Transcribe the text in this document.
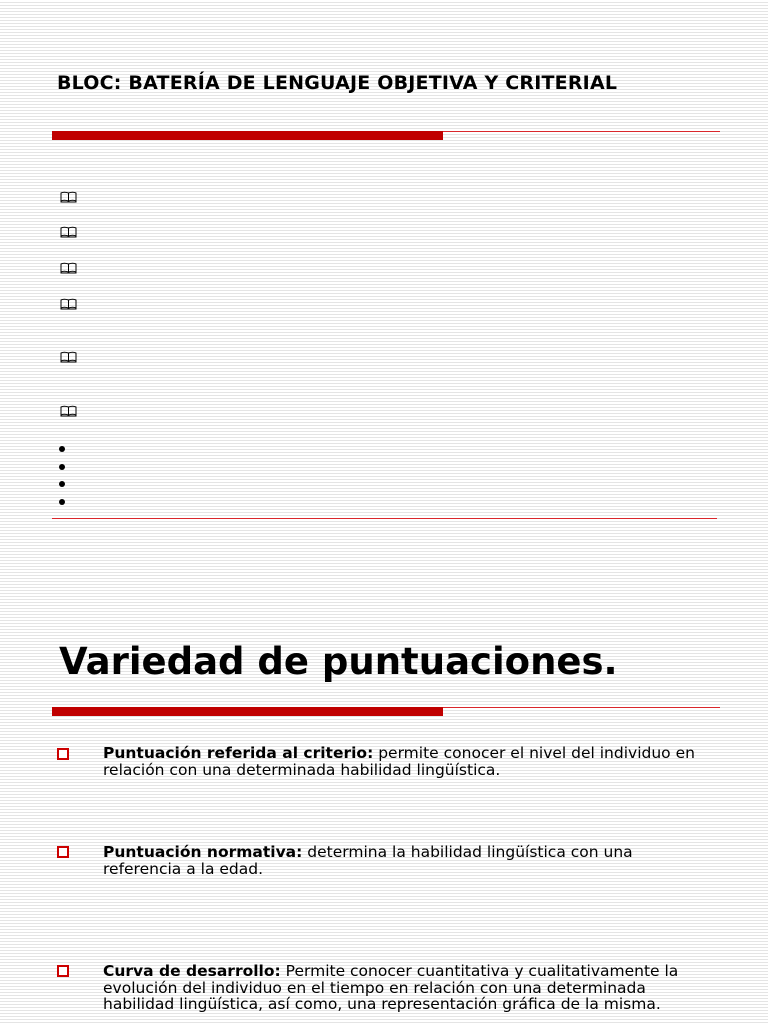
BLOC: BATERÍA DE LENGUAJE OBJETIVA Y CRITERIAL
Variedad de puntuaciones.
Puntuación referida al criterio: permite conocer el nivel del individuo en relación con una determinada habilidad lingüística.
Puntuación normativa: determina la habilidad lingüística con una referencia a la edad.
Curva de desarrollo: Permite conocer cuantitativa y cualitativamente la evolución del individuo en el tiempo en relación con una determinada habilidad lingüística, así como, una representación gráfica de la misma.
